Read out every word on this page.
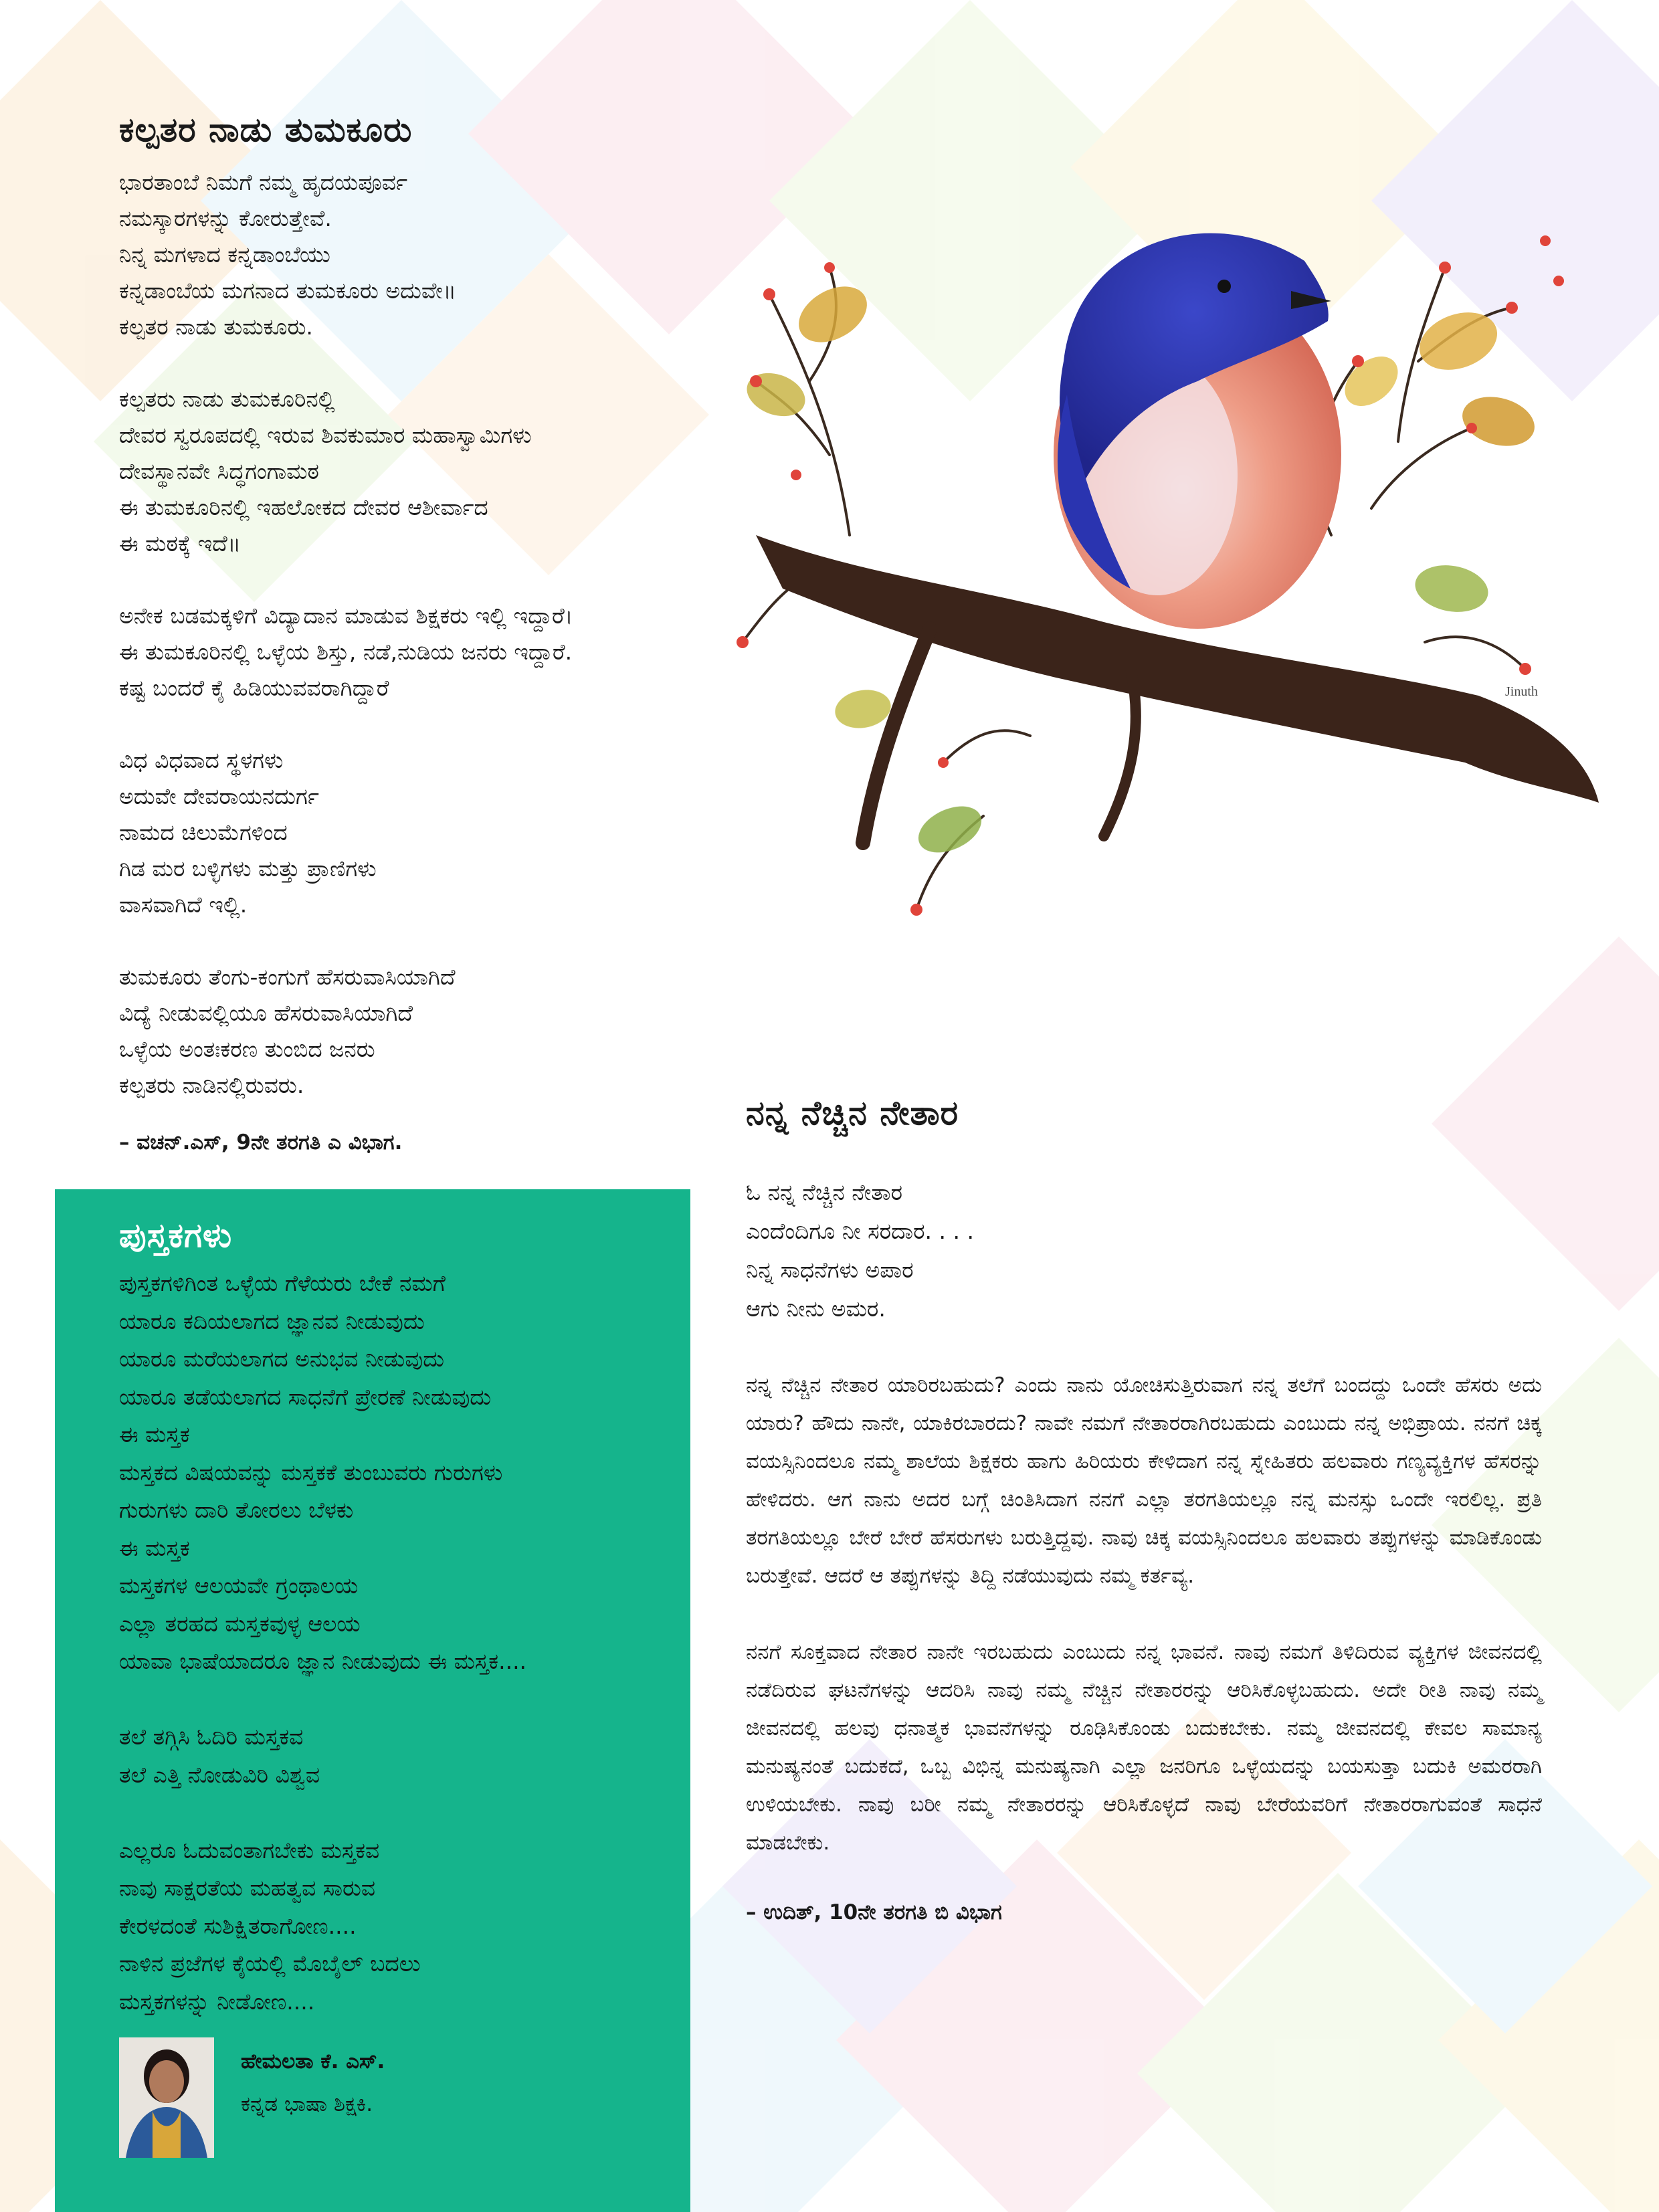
ಕಲ್ಪತರ ನಾಡು ತುಮಕೂರು
ಭಾರತಾಂಬೆ ನಿಮಗೆ ನಮ್ಮ ಹೃದಯಪೂರ್ವ
ನಮಸ್ಕಾರಗಳನ್ನು ಕೋರುತ್ತೇವೆ.
ನಿನ್ನ ಮಗಳಾದ ಕನ್ನಡಾಂಬೆಯು
ಕನ್ನಡಾಂಬೆಯ ಮಗನಾದ ತುಮಕೂರು ಅದುವೇ॥
ಕಲ್ಪತರ ನಾಡು ತುಮಕೂರು.
ಕಲ್ಪತರು ನಾಡು ತುಮಕೂರಿನಲ್ಲಿ
ದೇವರ ಸ್ವರೂಪದಲ್ಲಿ ಇರುವ ಶಿವಕುಮಾರ ಮಹಾಸ್ವಾಮಿಗಳು
ದೇವಸ್ಥಾನವೇ ಸಿದ್ಧಗಂಗಾಮಠ
ಈ ತುಮಕೂರಿನಲ್ಲಿ ಇಹಲೋಕದ ದೇವರ ಆಶೀರ್ವಾದ
ಈ ಮಠಕ್ಕೆ ಇದೆ॥
ಅನೇಕ ಬಡಮಕ್ಕಳಿಗೆ ವಿದ್ಯಾದಾನ ಮಾಡುವ ಶಿಕ್ಷಕರು ಇಲ್ಲಿ ಇದ್ದಾರೆ।
ಈ ತುಮಕೂರಿನಲ್ಲಿ ಒಳ್ಳೆಯ ಶಿಸ್ತು, ನಡೆ,ನುಡಿಯ ಜನರು ಇದ್ದಾರೆ.
ಕಷ್ಟ ಬಂದರೆ ಕೈ ಹಿಡಿಯುವವರಾಗಿದ್ದಾರೆ
ವಿಧ ವಿಧವಾದ ಸ್ಥಳಗಳು
ಅದುವೇ ದೇವರಾಯನದುರ್ಗ
ನಾಮದ ಚಿಲುಮೆಗಳಿಂದ
ಗಿಡ ಮರ ಬಳ್ಳಿಗಳು ಮತ್ತು ಪ್ರಾಣಿಗಳು
ವಾಸವಾಗಿದೆ ಇಲ್ಲಿ.
ತುಮಕೂರು ತೆಂಗು-ಕಂಗುಗೆ ಹೆಸರುವಾಸಿಯಾಗಿದೆ
ವಿದ್ಯೆ ನೀಡುವಲ್ಲಿಯೂ ಹೆಸರುವಾಸಿಯಾಗಿದೆ
ಒಳ್ಳೆಯ ಅಂತಃಕರಣ ತುಂಬಿದ ಜನರು
ಕಲ್ಪತರು ನಾಡಿನಲ್ಲಿರುವರು.
– ವಚನ್.ಎಸ್, 9ನೇ ತರಗತಿ ಎ ವಿಭಾಗ.
Jinuth
ಪುಸ್ತಕಗಳು
ಪುಸ್ತಕಗಳಿಗಿಂತ ಒಳ್ಳೆಯ ಗೆಳೆಯರು ಬೇಕೆ ನಮಗೆ
ಯಾರೂ ಕದಿಯಲಾಗದ ಜ್ಞಾನವ ನೀಡುವುದು
ಯಾರೂ ಮರೆಯಲಾಗದ ಅನುಭವ ನೀಡುವುದು
ಯಾರೂ ತಡೆಯಲಾಗದ ಸಾಧನೆಗೆ ಪ್ರೇರಣೆ ನೀಡುವುದು
ಈ ಮಸ್ತಕ
ಮಸ್ತಕದ ವಿಷಯವನ್ನು ಮಸ್ತಕಕೆ ತುಂಬುವರು ಗುರುಗಳು
ಗುರುಗಳು ದಾರಿ ತೋರಲು ಬೆಳಕು
ಈ ಮಸ್ತಕ
ಮಸ್ತಕಗಳ ಆಲಯವೇ ಗ್ರಂಥಾಲಯ
ಎಲ್ಲಾ ತರಹದ ಮಸ್ತಕವುಳ್ಳ ಆಲಯ
ಯಾವಾ ಭಾಷೆಯಾದರೂ ಜ್ಞಾನ ನೀಡುವುದು ಈ ಮಸ್ತಕ....
ತಲೆ ತಗ್ಗಿಸಿ ಓದಿರಿ ಮಸ್ತಕವ
ತಲೆ ಎತ್ತಿ ನೋಡುವಿರಿ ವಿಶ್ವವ
ಎಲ್ಲರೂ ಓದುವಂತಾಗಬೇಕು ಮಸ್ತಕವ
ನಾವು ಸಾಕ್ಷರತೆಯ ಮಹತ್ವವ ಸಾರುವ
ಕೇರಳದಂತೆ ಸುಶಿಕ್ಷಿತರಾಗೋಣ....
ನಾಳಿನ ಪ್ರಜೆಗಳ ಕೈಯಲ್ಲಿ ಮೊಬೈಲ್ ಬದಲು
ಮಸ್ತಕಗಳನ್ನು ನೀಡೋಣ....
ಹೇಮಲತಾ ಕೆ. ಎಸ್.
ಕನ್ನಡ ಭಾಷಾ ಶಿಕ್ಷಕಿ.
ನನ್ನ ನೆಚ್ಚಿನ ನೇತಾರ
ಓ ನನ್ನ ನೆಚ್ಚಿನ ನೇತಾರ
ಎಂದೆಂದಿಗೂ ನೀ ಸರದಾರ. . . .
ನಿನ್ನ ಸಾಧನೆಗಳು ಅಪಾರ
ಆಗು ನೀನು ಅಮರ.

ನನ್ನ ನೆಚ್ಚಿನ ನೇತಾರ ಯಾರಿರಬಹುದು? ಎಂದು ನಾನು ಯೋಚಿಸುತ್ತಿರುವಾಗ ನನ್ನ ತಲೆಗೆ ಬಂದದ್ದು ಒಂದೇ ಹೆಸರು ಅದು ಯಾರು? ಹೌದು ನಾನೇ, ಯಾಕಿರಬಾರದು? ನಾವೇ ನಮಗೆ ನೇತಾರರಾಗಿರಬಹುದು ಎಂಬುದು ನನ್ನ ಅಭಿಪ್ರಾಯ. ನನಗೆ ಚಿಕ್ಕ ವಯಸ್ಸಿನಿಂದಲೂ ನಮ್ಮ ಶಾಲೆಯ ಶಿಕ್ಷಕರು ಹಾಗು ಹಿರಿಯರು ಕೇಳಿದಾಗ ನನ್ನ ಸ್ನೇಹಿತರು ಹಲವಾರು ಗಣ್ಯವ್ಯಕ್ತಿಗಳ ಹೆಸರನ್ನು ಹೇಳಿದರು. ಆಗ ನಾನು ಅದರ ಬಗ್ಗೆ ಚಿಂತಿಸಿದಾಗ ನನಗೆ ಎಲ್ಲಾ ತರಗತಿಯಲ್ಲೂ ನನ್ನ ಮನಸ್ಸು ಒಂದೇ ಇರಲಿಲ್ಲ. ಪ್ರತಿ ತರಗತಿಯಲ್ಲೂ ಬೇರೆ ಬೇರೆ ಹೆಸರುಗಳು ಬರುತ್ತಿದ್ದವು. ನಾವು ಚಿಕ್ಕ ವಯಸ್ಸಿನಿಂದಲೂ ಹಲವಾರು ತಪ್ಪುಗಳನ್ನು ಮಾಡಿಕೊಂಡು ಬರುತ್ತೇವೆ. ಆದರೆ ಆ ತಪ್ಪುಗಳನ್ನು ತಿದ್ದಿ ನಡೆಯುವುದು ನಮ್ಮ ಕರ್ತವ್ಯ.

ನನಗೆ ಸೂಕ್ತವಾದ ನೇತಾರ ನಾನೇ ಇರಬಹುದು ಎಂಬುದು ನನ್ನ ಭಾವನೆ. ನಾವು ನಮಗೆ ತಿಳಿದಿರುವ ವ್ಯಕ್ತಿಗಳ ಜೀವನದಲ್ಲಿ ನಡೆದಿರುವ ಘಟನೆಗಳನ್ನು ಆದರಿಸಿ ನಾವು ನಮ್ಮ ನೆಚ್ಚಿನ ನೇತಾರರನ್ನು ಆರಿಸಿಕೊಳ್ಳಬಹುದು. ಅದೇ ರೀತಿ ನಾವು ನಮ್ಮ ಜೀವನದಲ್ಲಿ ಹಲವು ಧನಾತ್ಮಕ ಭಾವನೆಗಳನ್ನು ರೂಢಿಸಿಕೊಂಡು ಬದುಕಬೇಕು. ನಮ್ಮ ಜೀವನದಲ್ಲಿ ಕೇವಲ ಸಾಮಾನ್ಯ ಮನುಷ್ಯನಂತೆ ಬದುಕದೆ, ಒಬ್ಬ ವಿಭಿನ್ನ ಮನುಷ್ಯನಾಗಿ ಎಲ್ಲಾ ಜನರಿಗೂ ಒಳ್ಳೆಯದನ್ನು ಬಯಸುತ್ತಾ ಬದುಕಿ ಅಮರರಾಗಿ ಉಳಿಯಬೇಕು. ನಾವು ಬರೀ ನಮ್ಮ ನೇತಾರರನ್ನು ಆರಿಸಿಕೊಳ್ಳದೆ ನಾವು ಬೇರೆಯವರಿಗೆ ನೇತಾರರಾಗುವಂತೆ ಸಾಧನೆ ಮಾಡಬೇಕು.

– ಉದಿತ್, 10ನೇ ತರಗತಿ ಬಿ ವಿಭಾಗ
